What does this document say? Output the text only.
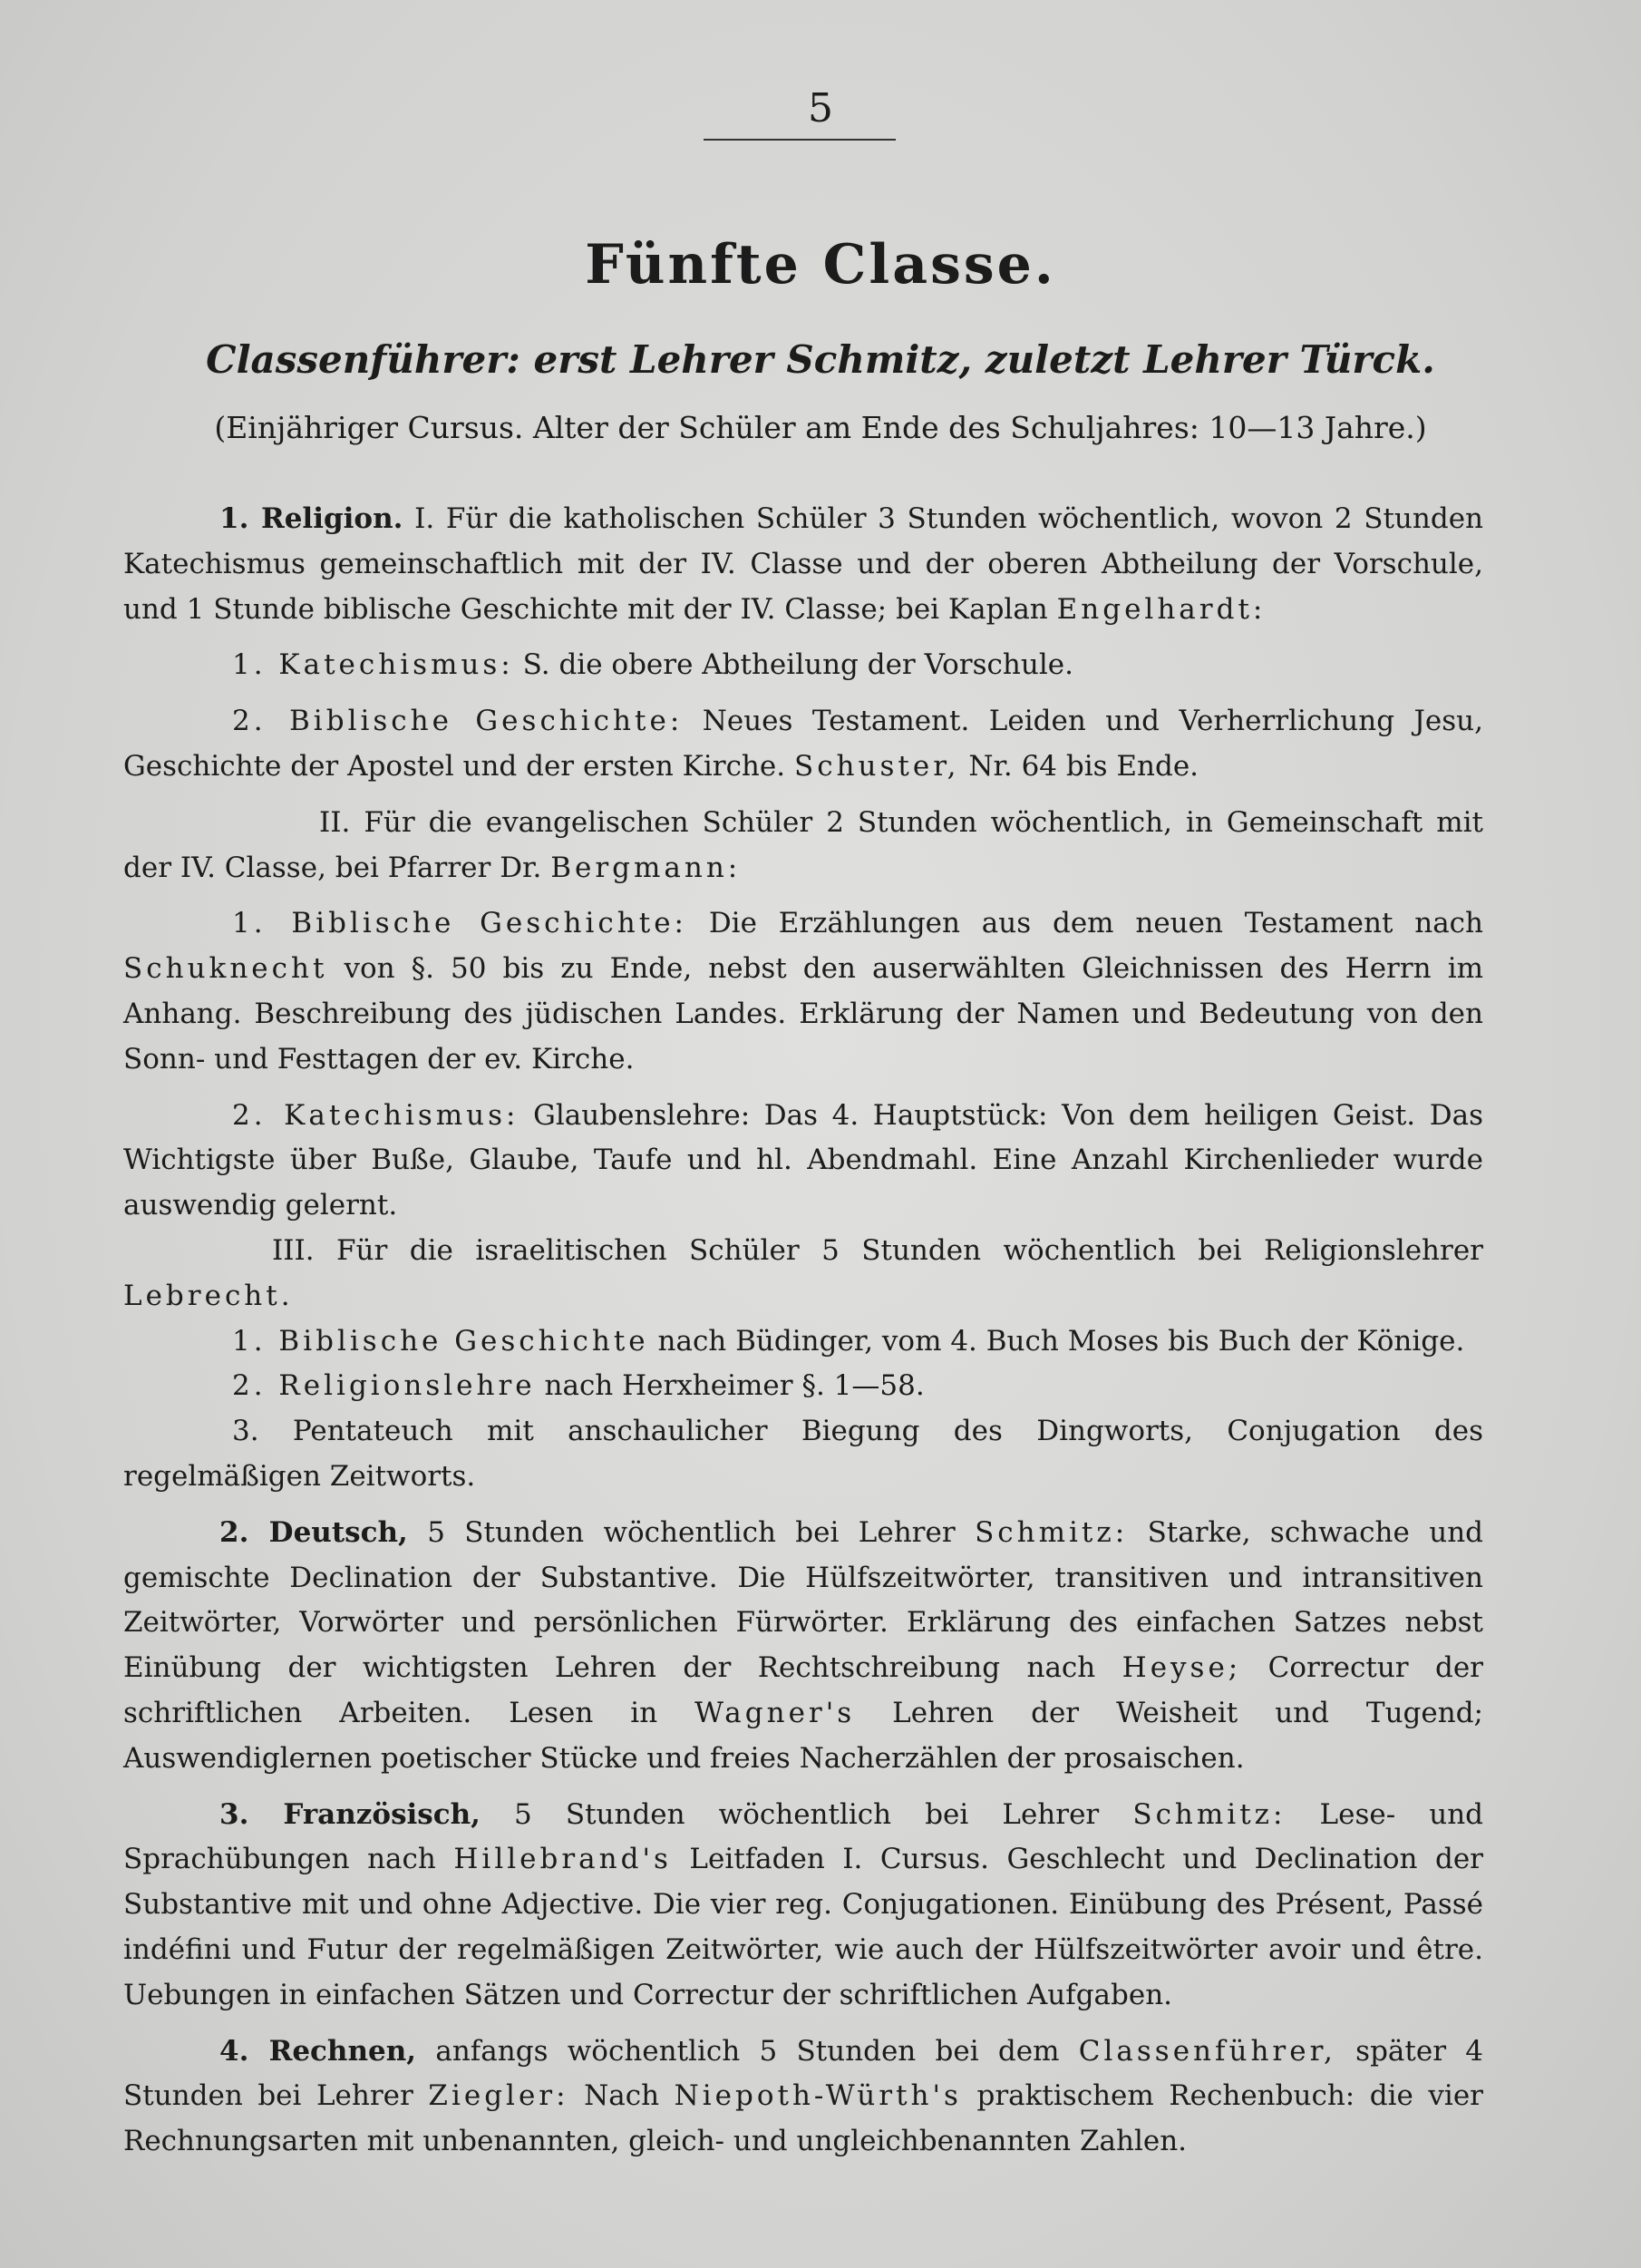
5
Fünfte Classe.
Classenführer: erst Lehrer Schmitz, zuletzt Lehrer Türck.
(Einjähriger Cursus. Alter der Schüler am Ende des Schuljahres: 10—13 Jahre.)

1. Religion. I. Für die katholischen Schüler 3 Stunden wöchentlich, wovon 2 Stunden Katechismus gemeinschaftlich mit der IV. Classe und der oberen Abtheilung der Vorschule, und 1 Stunde biblische Geschichte mit der IV. Classe; bei Kaplan Engelhardt:

1. Katechismus: S. die obere Abtheilung der Vorschule.

2. Biblische Geschichte: Neues Testament. Leiden und Verherrlichung Jesu, Geschichte der Apostel und der ersten Kirche. Schuster, Nr. 64 bis Ende.

II. Für die evangelischen Schüler 2 Stunden wöchentlich, in Gemeinschaft mit der IV. Classe, bei Pfarrer Dr. Bergmann:

1. Biblische Geschichte: Die Erzählungen aus dem neuen Testament nach Schuknecht von §. 50 bis zu Ende, nebst den auserwählten Gleichnissen des Herrn im Anhang. Beschreibung des jüdischen Landes. Erklärung der Namen und Bedeutung von den Sonn- und Festtagen der ev. Kirche.

2. Katechismus: Glaubenslehre: Das 4. Hauptstück: Von dem heiligen Geist. Das Wichtigste über Buße, Glaube, Taufe und hl. Abendmahl. Eine Anzahl Kirchenlieder wurde auswendig gelernt.

III. Für die israelitischen Schüler 5 Stunden wöchentlich bei Religionslehrer Lebrecht.

1. Biblische Geschichte nach Büdinger, vom 4. Buch Moses bis Buch der Könige.

2. Religionslehre nach Herxheimer §. 1—58.

3. Pentateuch mit anschaulicher Biegung des Dingworts, Conjugation des regelmäßigen Zeitworts.

2. Deutsch, 5 Stunden wöchentlich bei Lehrer Schmitz: Starke, schwache und gemischte Declination der Substantive. Die Hülfszeitwörter, transitiven und intransitiven Zeitwörter, Vorwörter und persönlichen Fürwörter. Erklärung des einfachen Satzes nebst Einübung der wichtigsten Lehren der Rechtschreibung nach Heyse; Correctur der schriftlichen Arbeiten. Lesen in Wagner's Lehren der Weisheit und Tugend; Auswendiglernen poetischer Stücke und freies Nacherzählen der prosaischen.

3. Französisch, 5 Stunden wöchentlich bei Lehrer Schmitz: Lese- und Sprachübungen nach Hillebrand's Leitfaden I. Cursus. Geschlecht und Declination der Substantive mit und ohne Adjective. Die vier reg. Conjugationen. Einübung des Présent, Passé indéfini und Futur der regelmäßigen Zeitwörter, wie auch der Hülfszeitwörter avoir und être. Uebungen in einfachen Sätzen und Correctur der schriftlichen Aufgaben.

4. Rechnen, anfangs wöchentlich 5 Stunden bei dem Classenführer, später 4 Stunden bei Lehrer Ziegler: Nach Niepoth-Würth's praktischem Rechenbuch: die vier Rechnungsarten mit unbenannten, gleich- und ungleichbenannten Zahlen.
